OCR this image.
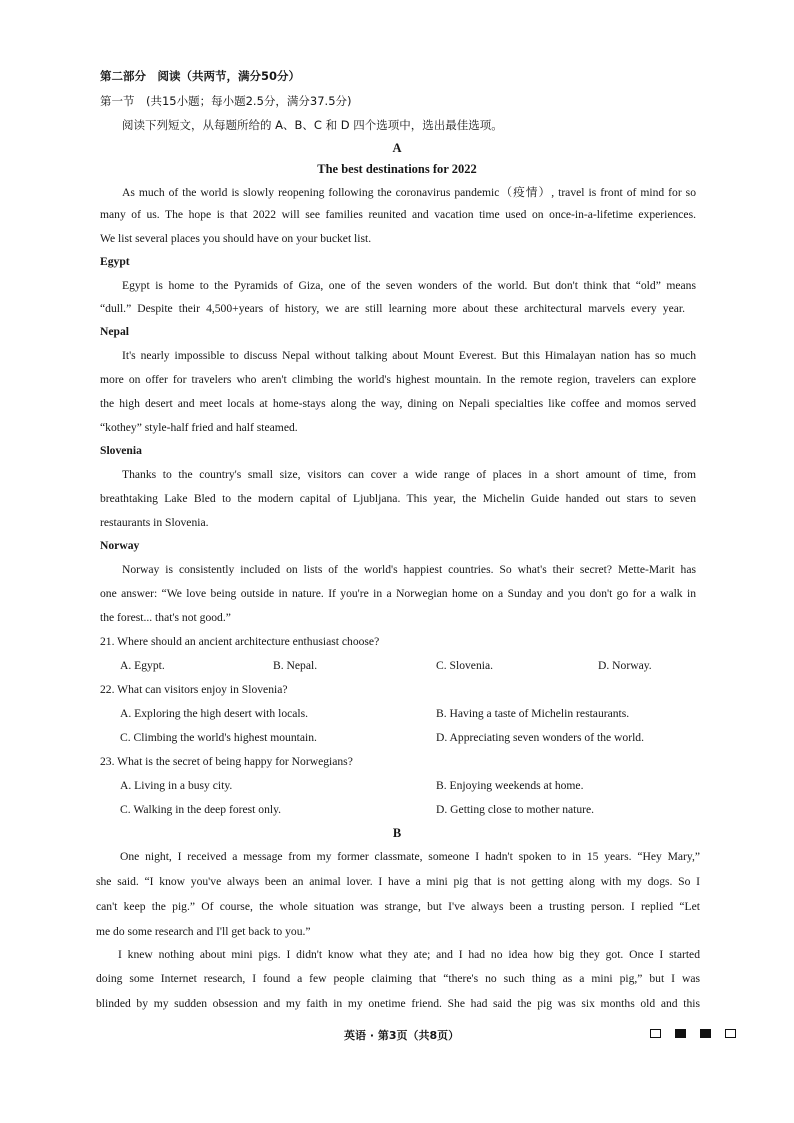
第二部分　阅读（共两节，满分50分）
第一节　(共15小题；每小题2.5分，满分37.5分)
阅读下列短文，从每题所给的 A、B、C 和 D 四个选项中，选出最佳选项。
A
The best destinations for 2022
As much of the world is slowly reopening following the coronavirus pandemic（疫情）, travel is front of mind for so
many of us. The hope is that 2022 will see families reunited and vacation time used on once-in-a-lifetime experiences.
We list several places you should have on your bucket list.
Egypt
Egypt is home to the Pyramids of Giza, one of the seven wonders of the world. But don't think that “old” means
“dull.” Despite their 4,500+years of history, we are still learning more about these architectural marvels every year.
Nepal
It's nearly impossible to discuss Nepal without talking about Mount Everest. But this Himalayan nation has so much
more on offer for travelers who aren't climbing the world's highest mountain. In the remote region, travelers can explore
the high desert and meet locals at home-stays along the way, dining on Nepali specialties like coffee and momos served
“kothey” style-half fried and half steamed.
Slovenia
Thanks to the country's small size, visitors can cover a wide range of places in a short amount of time, from
breathtaking Lake Bled to the modern capital of Ljubljana. This year, the Michelin Guide handed out stars to seven
restaurants in Slovenia.
Norway
Norway is consistently included on lists of the world's happiest countries. So what's their secret? Mette-Marit has
one answer: “We love being outside in nature. If you're in a Norwegian home on a Sunday and you don't go for a walk in
the forest... that's not good.”
21. Where should an ancient architecture enthusiast choose?
A. Egypt.	B. Nepal.	C. Slovenia.	D. Norway.
22. What can visitors enjoy in Slovenia?
A. Exploring the high desert with locals.	B. Having a taste of Michelin restaurants.
C. Climbing the world's highest mountain.	D. Appreciating seven wonders of the world.
23. What is the secret of being happy for Norwegians?
A. Living in a busy city.	B. Enjoying weekends at home.
C. Walking in the deep forest only.	D. Getting close to mother nature.
B
One night, I received a message from my former classmate, someone I hadn't spoken to in 15 years. “Hey Mary,”
she said. “I know you've always been an animal lover. I have a mini pig that is not getting along with my dogs. So I
can't keep the pig.” Of course, the whole situation was strange, but I've always been a trusting person. I replied “Let
me do some research and I'll get back to you.”
I knew nothing about mini pigs. I didn't know what they ate; and I had no idea how big they got. Once I started
doing some Internet research, I found a few people claiming that “there's no such thing as a mini pig,” but I was
blinded by my sudden obsession and my faith in my onetime friend. She had said the pig was six months old and this
英语 · 第3页（共8页）
